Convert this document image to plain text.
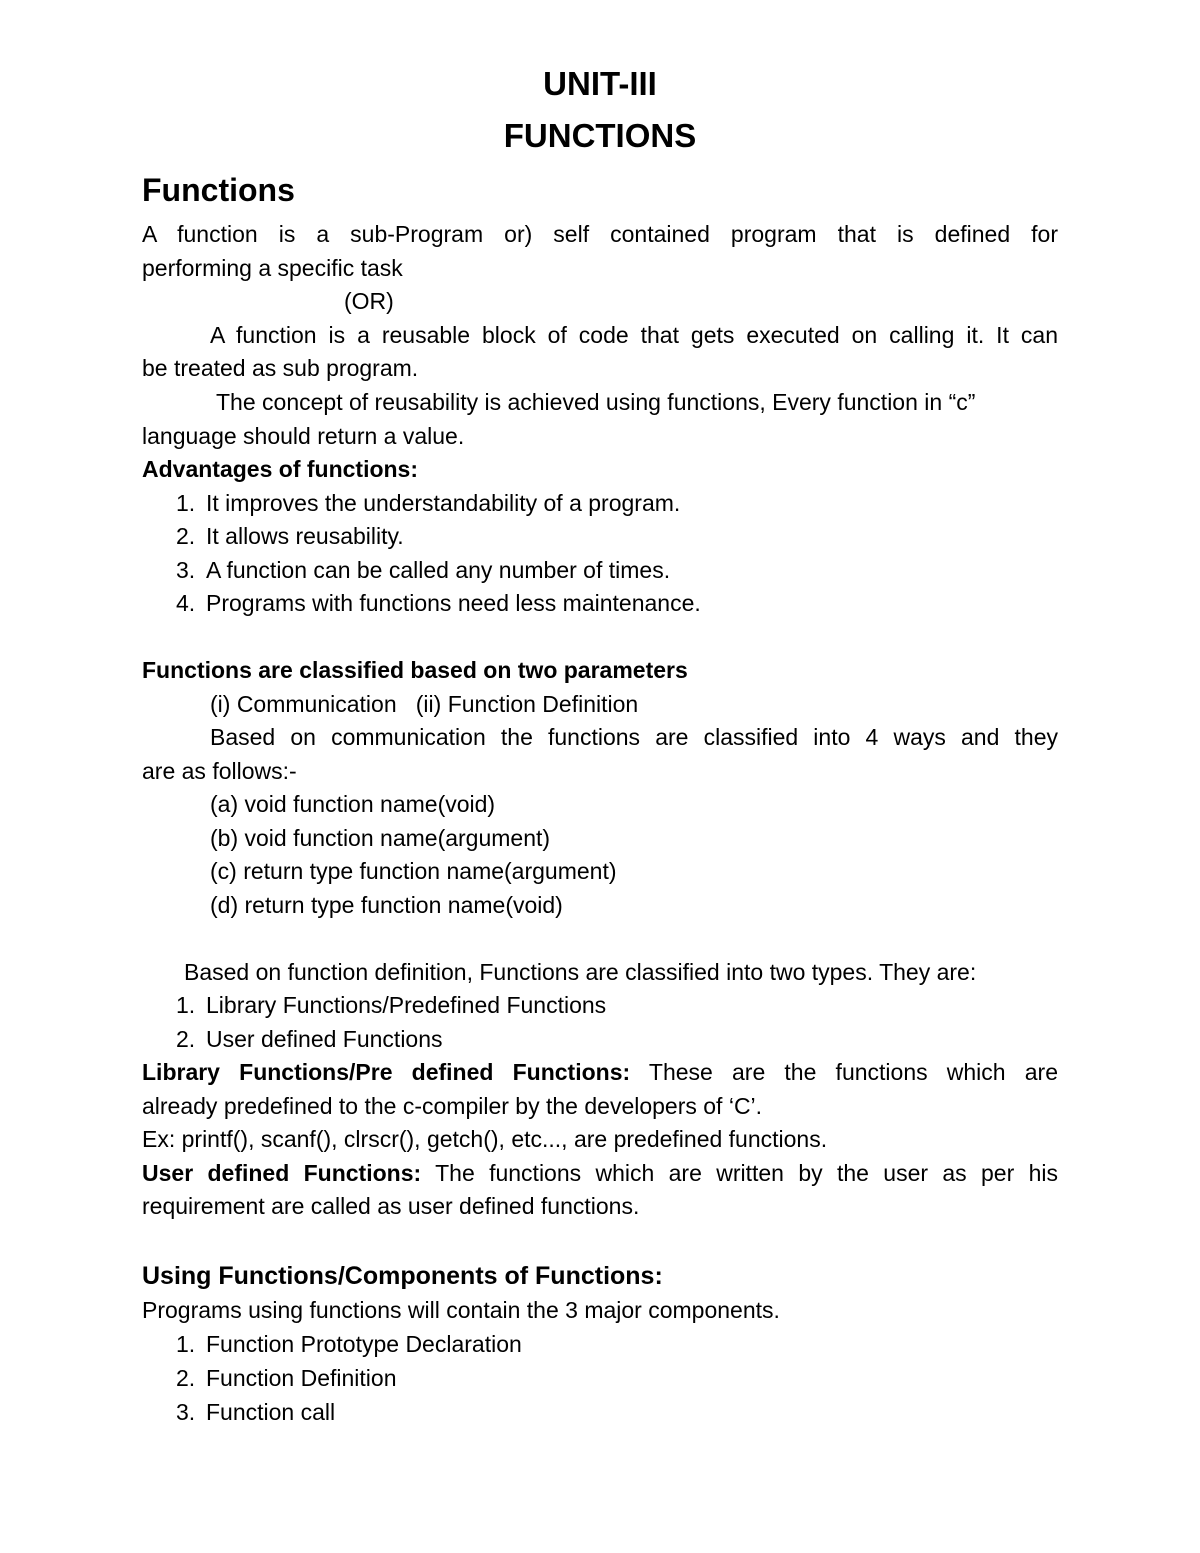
UNIT-III
FUNCTIONS
Functions
A function is a sub-Program or) self contained program that is defined for
performing a specific task
(OR)
A function is a reusable block of code that gets executed on calling it. It can
be treated as sub program.
The concept of reusability is achieved using functions, Every function in “c”
language should return a value.
Advantages of functions:
1. It improves the understandability of a program.
2. It allows reusability.
3. A function can be called any number of times.
4. Programs with functions need less maintenance.
Functions are classified based on two parameters
(i) Communication   (ii) Function Definition
Based on communication the functions are classified into 4 ways and they
are as follows:-
(a) void function name(void)
(b) void function name(argument)
(c) return type function name(argument)
(d) return type function name(void)
Based on function definition, Functions are classified into two types. They are:
1. Library Functions/Predefined Functions
2. User defined Functions
Library Functions/Pre defined Functions: These are the functions which are
already predefined to the c-compiler by the developers of ‘C’.
Ex: printf(), scanf(), clrscr(), getch(), etc..., are predefined functions.
User defined Functions: The functions which are written by the user as per his
requirement are called as user defined functions.
Using Functions/Components of Functions:
Programs using functions will contain the 3 major components.
1. Function Prototype Declaration
2. Function Definition
3. Function call
